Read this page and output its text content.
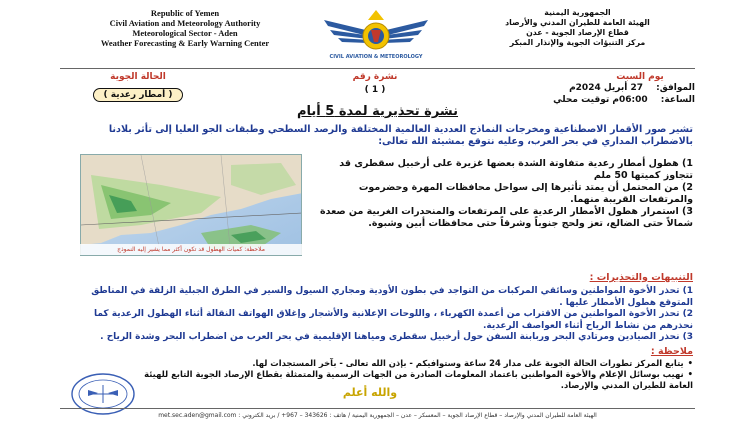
Republic of Yemen
Civil Aviation and Meteorology Authority
Meteorological Sector - Aden
Weather Forecasting & Early Warning Center
CIVIL AVIATION & METEOROLOGY
الجمهورية اليمنية
الهيئة العامة للطيران المدني والأرصاد
قطاع الإرصاد الجوية - عدن
مركز التنبؤات الجوية والإنذار المبكر
يوم السبت
الموافق: 27 أبريل 2024م
الساعة: 06:00م توقيت محلي
نشرة رقم
( 1 )
الحالة الجوية
( أمطار رعدية )
نشرة تحذيرية لمدة 5 أيام
تشير صور الأقمار الاصطناعية ومخرجات النماذج العددية العالمية المختلفة والرصد السطحي وطبقات الجو العليا إلى تأثر بلادنا بالاضطراب المداري في بحر العرب، وعليه نتوقع بمشيئة الله تعالى:
ملاحظة: كميات الهطول قد تكون أكثر مما يشير إليه النموذج

1) هطول أمطار رعدية متفاوتة الشدة بعضها غزيرة على أرخبيل سقطرى قد تتجاوز كميتها 50 ملم

2) من المحتمل أن يمتد تأثيرها إلى سواحل محافظات المهرة وحضرموت والمرتفعات القريبة منهما.

3) استمرار هطول الأمطار الرعدية على المرتفعات والمنحدرات الغربية من صعدة شمالاً حتى الضالع، تعز ولحج جنوباً وشرقاً حتى محافظات أبين وشبوة.

التنبيهات والتحذيرات :

1) تحذر الأخوة المواطنين وسائقي المركبات من التواجد في بطون الأودية ومجاري السيول والسير في الطرق الجبلية الزلقة في المناطق المتوقع هطول الأمطار عليها .

2) تحذر الأخوة المواطنين من الاقتراب من أعمدة الكهرباء ، واللوحات الإعلانية والأشجار وإغلاق الهواتف النقالة أثناء الهطول الرعدية كما نحذرهم من نشاط الرياح أثناء العواصف الرعدية.

3) نحذر الصيادين ومرتادي البحر وربابنة السفن حول أرخبيل سقطرى ومياهنا الإقليمية في بحر العرب من اضطراب البحر وشدة الرياح .

ملاحظة :
• يتابع المركز تطورات الحالة الجوية على مدار 24 ساعة وستوافيكم - بإذن الله تعالى - بآخر المستجدات لها.
• نهيب بوسائل الإعلام والأخوة المواطنين باعتماد المعلومات الصادرة من الجهات الرسمية والمتمثلة بقطاع الإرصاد الجوية التابع للهيئة العامة للطيران المدني والإرصاد.
والله أعلم
الهيئة العامة للطيران المدني والإرصاد – قطاع الإرصاد الجوية – المعسكر – عدن – الجمهورية اليمنية / هاتف : 343626 – 967+ / بريد الكتروني : met.sec.aden@gmail.com
